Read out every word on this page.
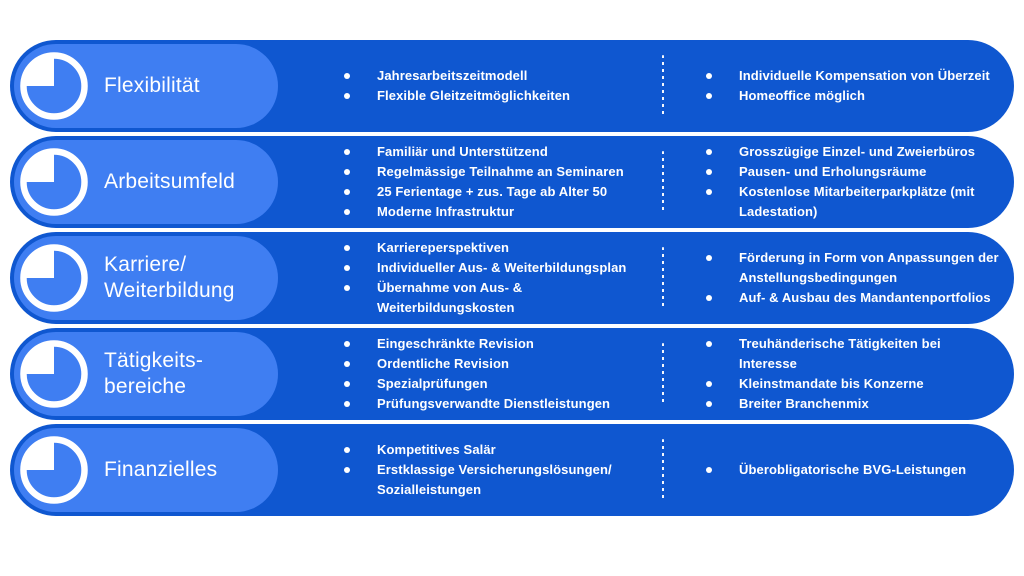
Flexibilität	Jahresarbeitszeitmodell
Flexible Gleitzeitmöglichkeiten
Individuelle Kompensation von Überzeit
Homeoffice möglich
Arbeitsumfeld
Familiär und Unterstützend
Regelmässige Teilnahme an Seminaren
25 Ferientage + zus. Tage ab Alter 50
Moderne Infrastruktur
Grosszügige Einzel- und Zweierbüros
Pausen- und Erholungsräume
Kostenlose Mitarbeiterparkplätze (mit
Ladestation)
Karriere/
Weiterbildung
Karriereperspektiven
Individueller Aus- & Weiterbildungsplan
Übernahme von Aus- &
Weiterbildungskosten
Förderung in Form von Anpassungen der
Anstellungsbedingungen
Auf- & Ausbau des Mandantenportfolios
Tätigkeits-
bereiche
Eingeschränkte Revision
Ordentliche Revision
Spezialprüfungen
Prüfungsverwandte Dienstleistungen
Treuhänderische Tätigkeiten bei
Interesse
Kleinstmandate bis Konzerne
Breiter Branchenmix
Finanzielles
Kompetitives Salär
Erstklassige Versicherungslösungen/
Sozialleistungen
Überobligatorische BVG-Leistungen
